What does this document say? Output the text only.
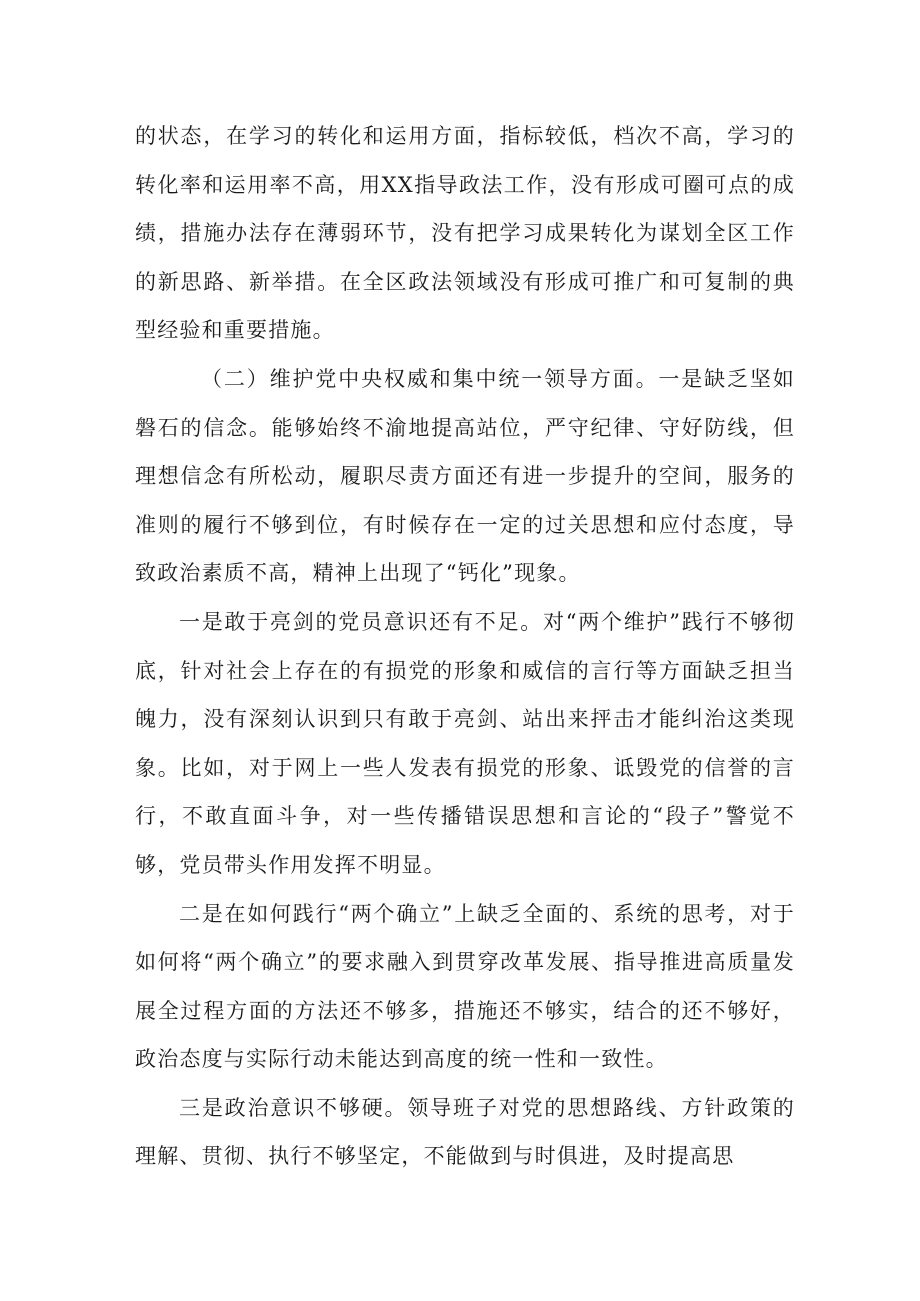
的状态，在学习的转化和运用方面，指标较低，档次不高，学习的转化率和运用率不高，用XX指导政法工作，没有形成可圈可点的成绩，措施办法存在薄弱环节，没有把学习成果转化为谋划全区工作的新思路、新举措。在全区政法领域没有形成可推广和可复制的典型经验和重要措施。

（二）维护党中央权威和集中统一领导方面。一是缺乏坚如磐石的信念。能够始终不渝地提高站位，严守纪律、守好防线，但理想信念有所松动，履职尽责方面还有进一步提升的空间，服务的准则的履行不够到位，有时候存在一定的过关思想和应付态度，导致政治素质不高，精神上出现了“钙化”现象。

一是敢于亮剑的党员意识还有不足。对“两个维护”践行不够彻底，针对社会上存在的有损党的形象和威信的言行等方面缺乏担当魄力，没有深刻认识到只有敢于亮剑、站出来抨击才能纠治这类现象。比如，对于网上一些人发表有损党的形象、诋毁党的信誉的言行，不敢直面斗争，对一些传播错误思想和言论的“段子”警觉不够，党员带头作用发挥不明显。

二是在如何践行“两个确立”上缺乏全面的、系统的思考，对于如何将“两个确立”的要求融入到贯穿改革发展、指导推进高质量发展全过程方面的方法还不够多，措施还不够实，结合的还不够好，政治态度与实际行动未能达到高度的统一性和一致性。

三是政治意识不够硬。领导班子对党的思想路线、方针政策的理解、贯彻、执行不够坚定，不能做到与时俱进，及时提高思
